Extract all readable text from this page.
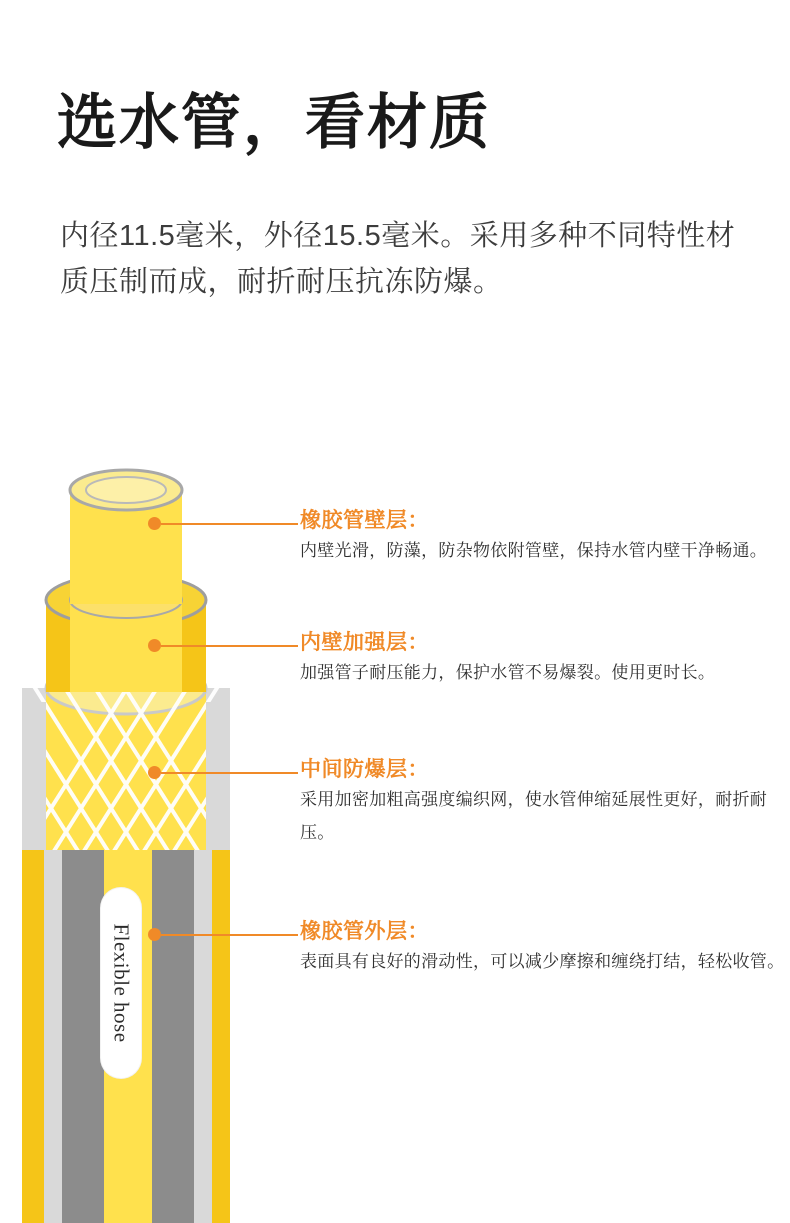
选水管，看材质
内径11.5毫米，外径15.5毫米。采用多种不同特性材质压制而成，耐折耐压抗冻防爆。
Flexible hose
橡胶管壁层：
内壁光滑，防藻，防杂物依附管壁，保持水管内壁干净畅通。
内壁加强层：
加强管子耐压能力，保护水管不易爆裂。使用更时长。
中间防爆层：
采用加密加粗高强度编织网，使水管伸缩延展性更好，耐折耐压。
橡胶管外层：
表面具有良好的滑动性，可以减少摩擦和缠绕打结，轻松收管。
